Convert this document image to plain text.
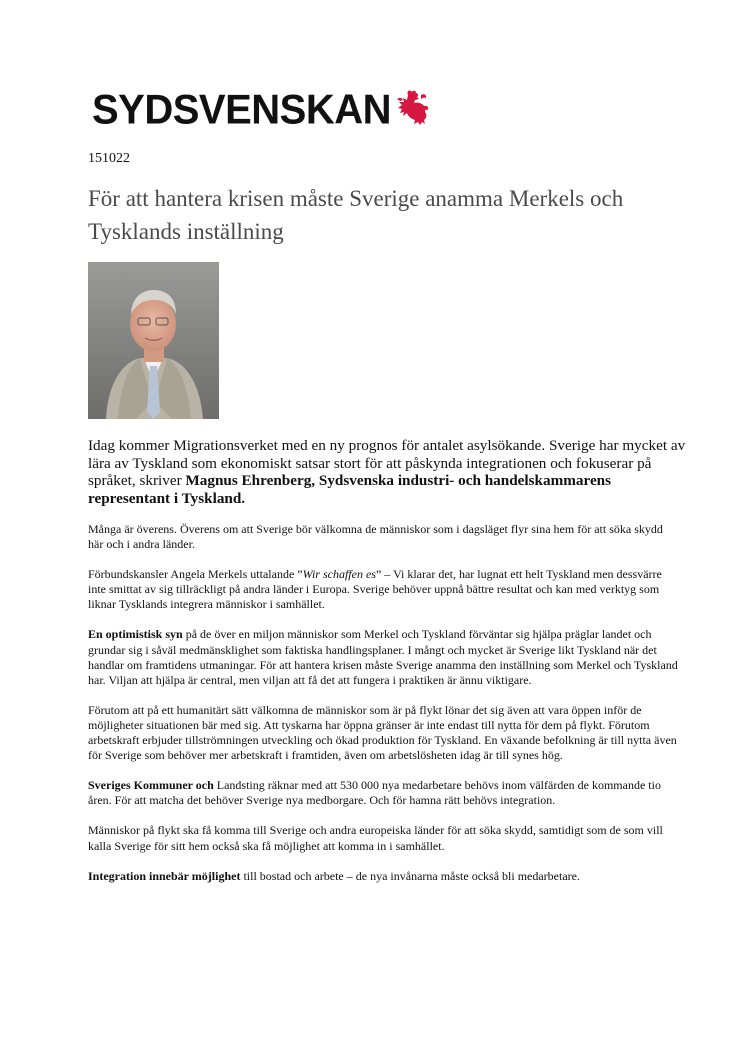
SYDSVENSKAN
151022
För att hantera krisen måste Sverige anamma Merkels och Tysklands inställning

Idag kommer Migrationsverket med en ny prognos för antalet asylsökande. Sverige har mycket av lära av Tyskland som ekonomiskt satsar stort för att påskynda integrationen och fokuserar på språket, skriver Magnus Ehrenberg, Sydsvenska industri- och handelskammarens representant i Tyskland.

Många är överens. Överens om att Sverige bör välkomna de människor som i dagsläget flyr sina hem för att söka skydd här och i andra länder.

Förbundskansler Angela Merkels uttalande ”Wir schaffen es” – Vi klarar det, har lugnat ett helt Tyskland men dessvärre inte smittat av sig tillräckligt på andra länder i Europa. Sverige behöver uppnå bättre resultat och kan med verktyg som liknar Tysklands integrera människor i samhället.

En optimistisk syn på de över en miljon människor som Merkel och Tyskland förväntar sig hjälpa präglar landet och grundar sig i såväl medmänsklighet som faktiska handlingsplaner. I mångt och mycket är Sverige likt Tyskland när det handlar om framtidens utmaningar. För att hantera krisen måste Sverige anamma den inställning som Merkel och Tyskland har. Viljan att hjälpa är central, men viljan att få det att fungera i praktiken är ännu viktigare.

Förutom att på ett humanitärt sätt välkomna de människor som är på flykt lönar det sig även att vara öppen inför de möjligheter situationen bär med sig. Att tyskarna har öppna gränser är inte endast till nytta för dem på flykt. Förutom arbetskraft erbjuder tillströmningen utveckling och ökad produktion för Tyskland. En växande befolkning är till nytta även för Sverige som behöver mer arbetskraft i framtiden, även om arbetslösheten idag är till synes hög.

Sveriges Kommuner och Landsting räknar med att 530 000 nya medarbetare behövs inom välfärden de kommande tio åren. För att matcha det behöver Sverige nya medborgare. Och för hamna rätt behövs integration.

Människor på flykt ska få komma till Sverige och andra europeiska länder för att söka skydd, samtidigt som de som vill kalla Sverige för sitt hem också ska få möjlighet att komma in i samhället.

Integration innebär möjlighet till bostad och arbete – de nya invånarna måste också bli medarbetare.
